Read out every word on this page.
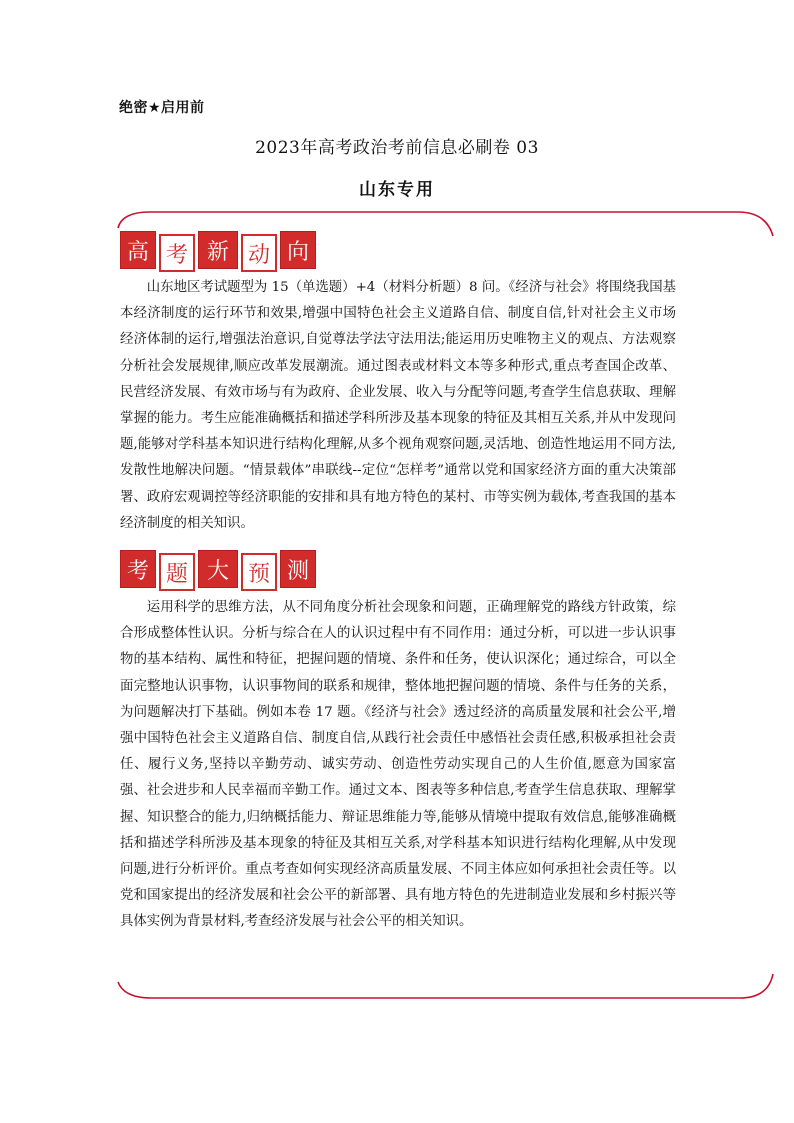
绝密★启用前
2023年高考政治考前信息必刷卷 03
山东专用
高 考 新 动 向

山东地区考试题型为 15（单选题）+4（材料分析题）8 问。《经济与社会》将围绕我国基本经济制度的运行环节和效果,增强中国特色社会主义道路自信、制度自信,针对社会主义市场经济体制的运行,增强法治意识,自觉尊法学法守法用法;能运用历史唯物主义的观点、方法观察分析社会发展规律,顺应改革发展潮流。通过图表或材料文本等多种形式,重点考查国企改革、民营经济发展、有效市场与有为政府、企业发展、收入与分配等问题,考查学生信息获取、理解掌握的能力。考生应能准确概括和描述学科所涉及基本现象的特征及其相互关系,并从中发现问题,能够对学科基本知识进行结构化理解,从多个视角观察问题,灵活地、创造性地运用不同方法,发散性地解决问题。“情景载体”串联线--定位“怎样考”通常以党和国家经济方面的重大决策部署、政府宏观调控等经济职能的安排和具有地方特色的某村、市等实例为载体,考查我国的基本经济制度的相关知识。

考 题 大 预 测

运用科学的思维方法，从不同角度分析社会现象和问题，正确理解党的路线方针政策，综合形成整体性认识。分析与综合在人的认识过程中有不同作用：通过分析，可以进一步认识事物的基本结构、属性和特征，把握问题的情境、条件和任务，使认识深化；通过综合，可以全面完整地认识事物，认识事物间的联系和规律，整体地把握问题的情境、条件与任务的关系，为问题解决打下基础。例如本卷 17 题。《经济与社会》透过经济的高质量发展和社会公平,增强中国特色社会主义道路自信、制度自信,从践行社会责任中感悟社会责任感,积极承担社会责任、履行义务,坚持以辛勤劳动、诚实劳动、创造性劳动实现自己的人生价值,愿意为国家富强、社会进步和人民幸福而辛勤工作。通过文本、图表等多种信息,考查学生信息获取、理解掌握、知识整合的能力,归纳概括能力、辩证思维能力等,能够从情境中提取有效信息,能够准确概括和描述学科所涉及基本现象的特征及其相互关系,对学科基本知识进行结构化理解,从中发现问题,进行分析评价。重点考查如何实现经济高质量发展、不同主体应如何承担社会责任等。以党和国家提出的经济发展和社会公平的新部署、具有地方特色的先进制造业发展和乡村振兴等具体实例为背景材料,考查经济发展与社会公平的相关知识。
